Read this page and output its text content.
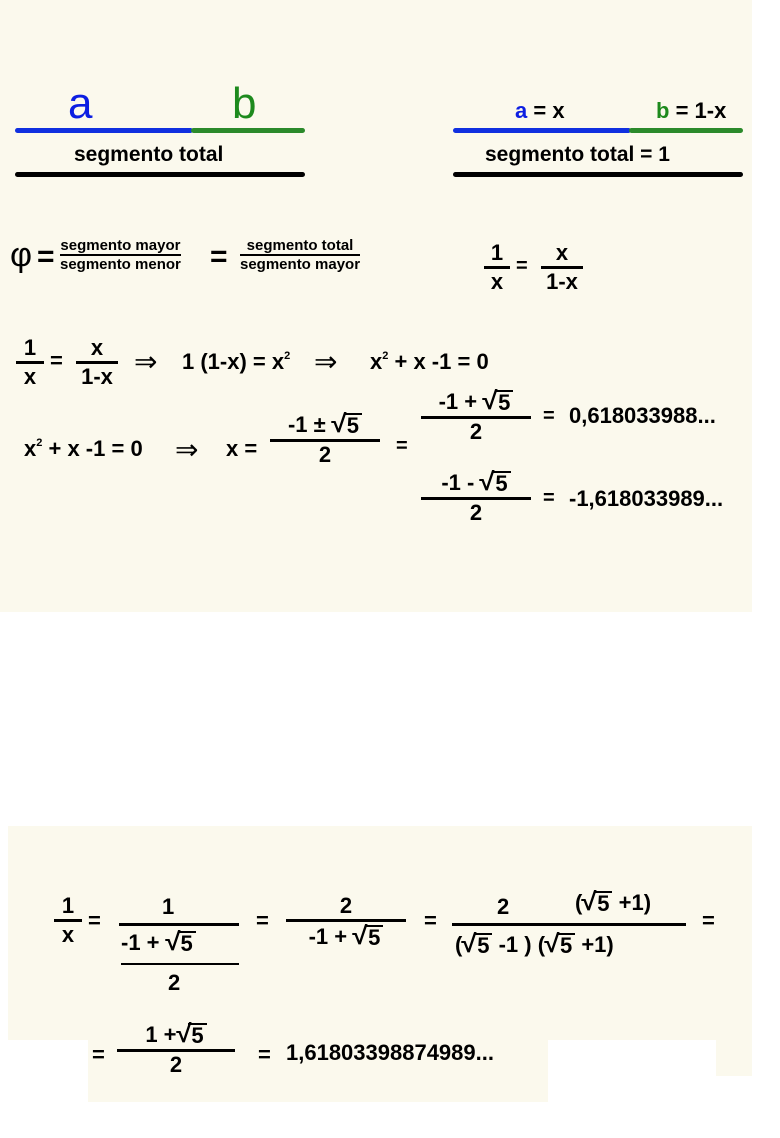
a	b
segmento total
a = x	b = 1-x
segmento total = 1
φ = segmento mayor
segmento menor = segmento total
segmento mayor	1
x
=
x
1-x
1
x
=
x
1-x ⇒ 1 $(1-x) = x^2$ ⇒ $x^2 + x$ -1 = 0
$x^2 + x$ -1 = 0 ⇒ x =
-1 ± √ 5
2	=
-1 + √ 5
2
= 0,618033988...
-1 - √ 5
2
= -1,618033989...
1
x
=
1
-1 + √ 5
2
=
2
-1 + √ 5
=
2	( √ 5 +1)
( √ 5 -1 ) ( √ 5 +1)
=
=
1 + √ 5
2	= 1,61803398874989...
